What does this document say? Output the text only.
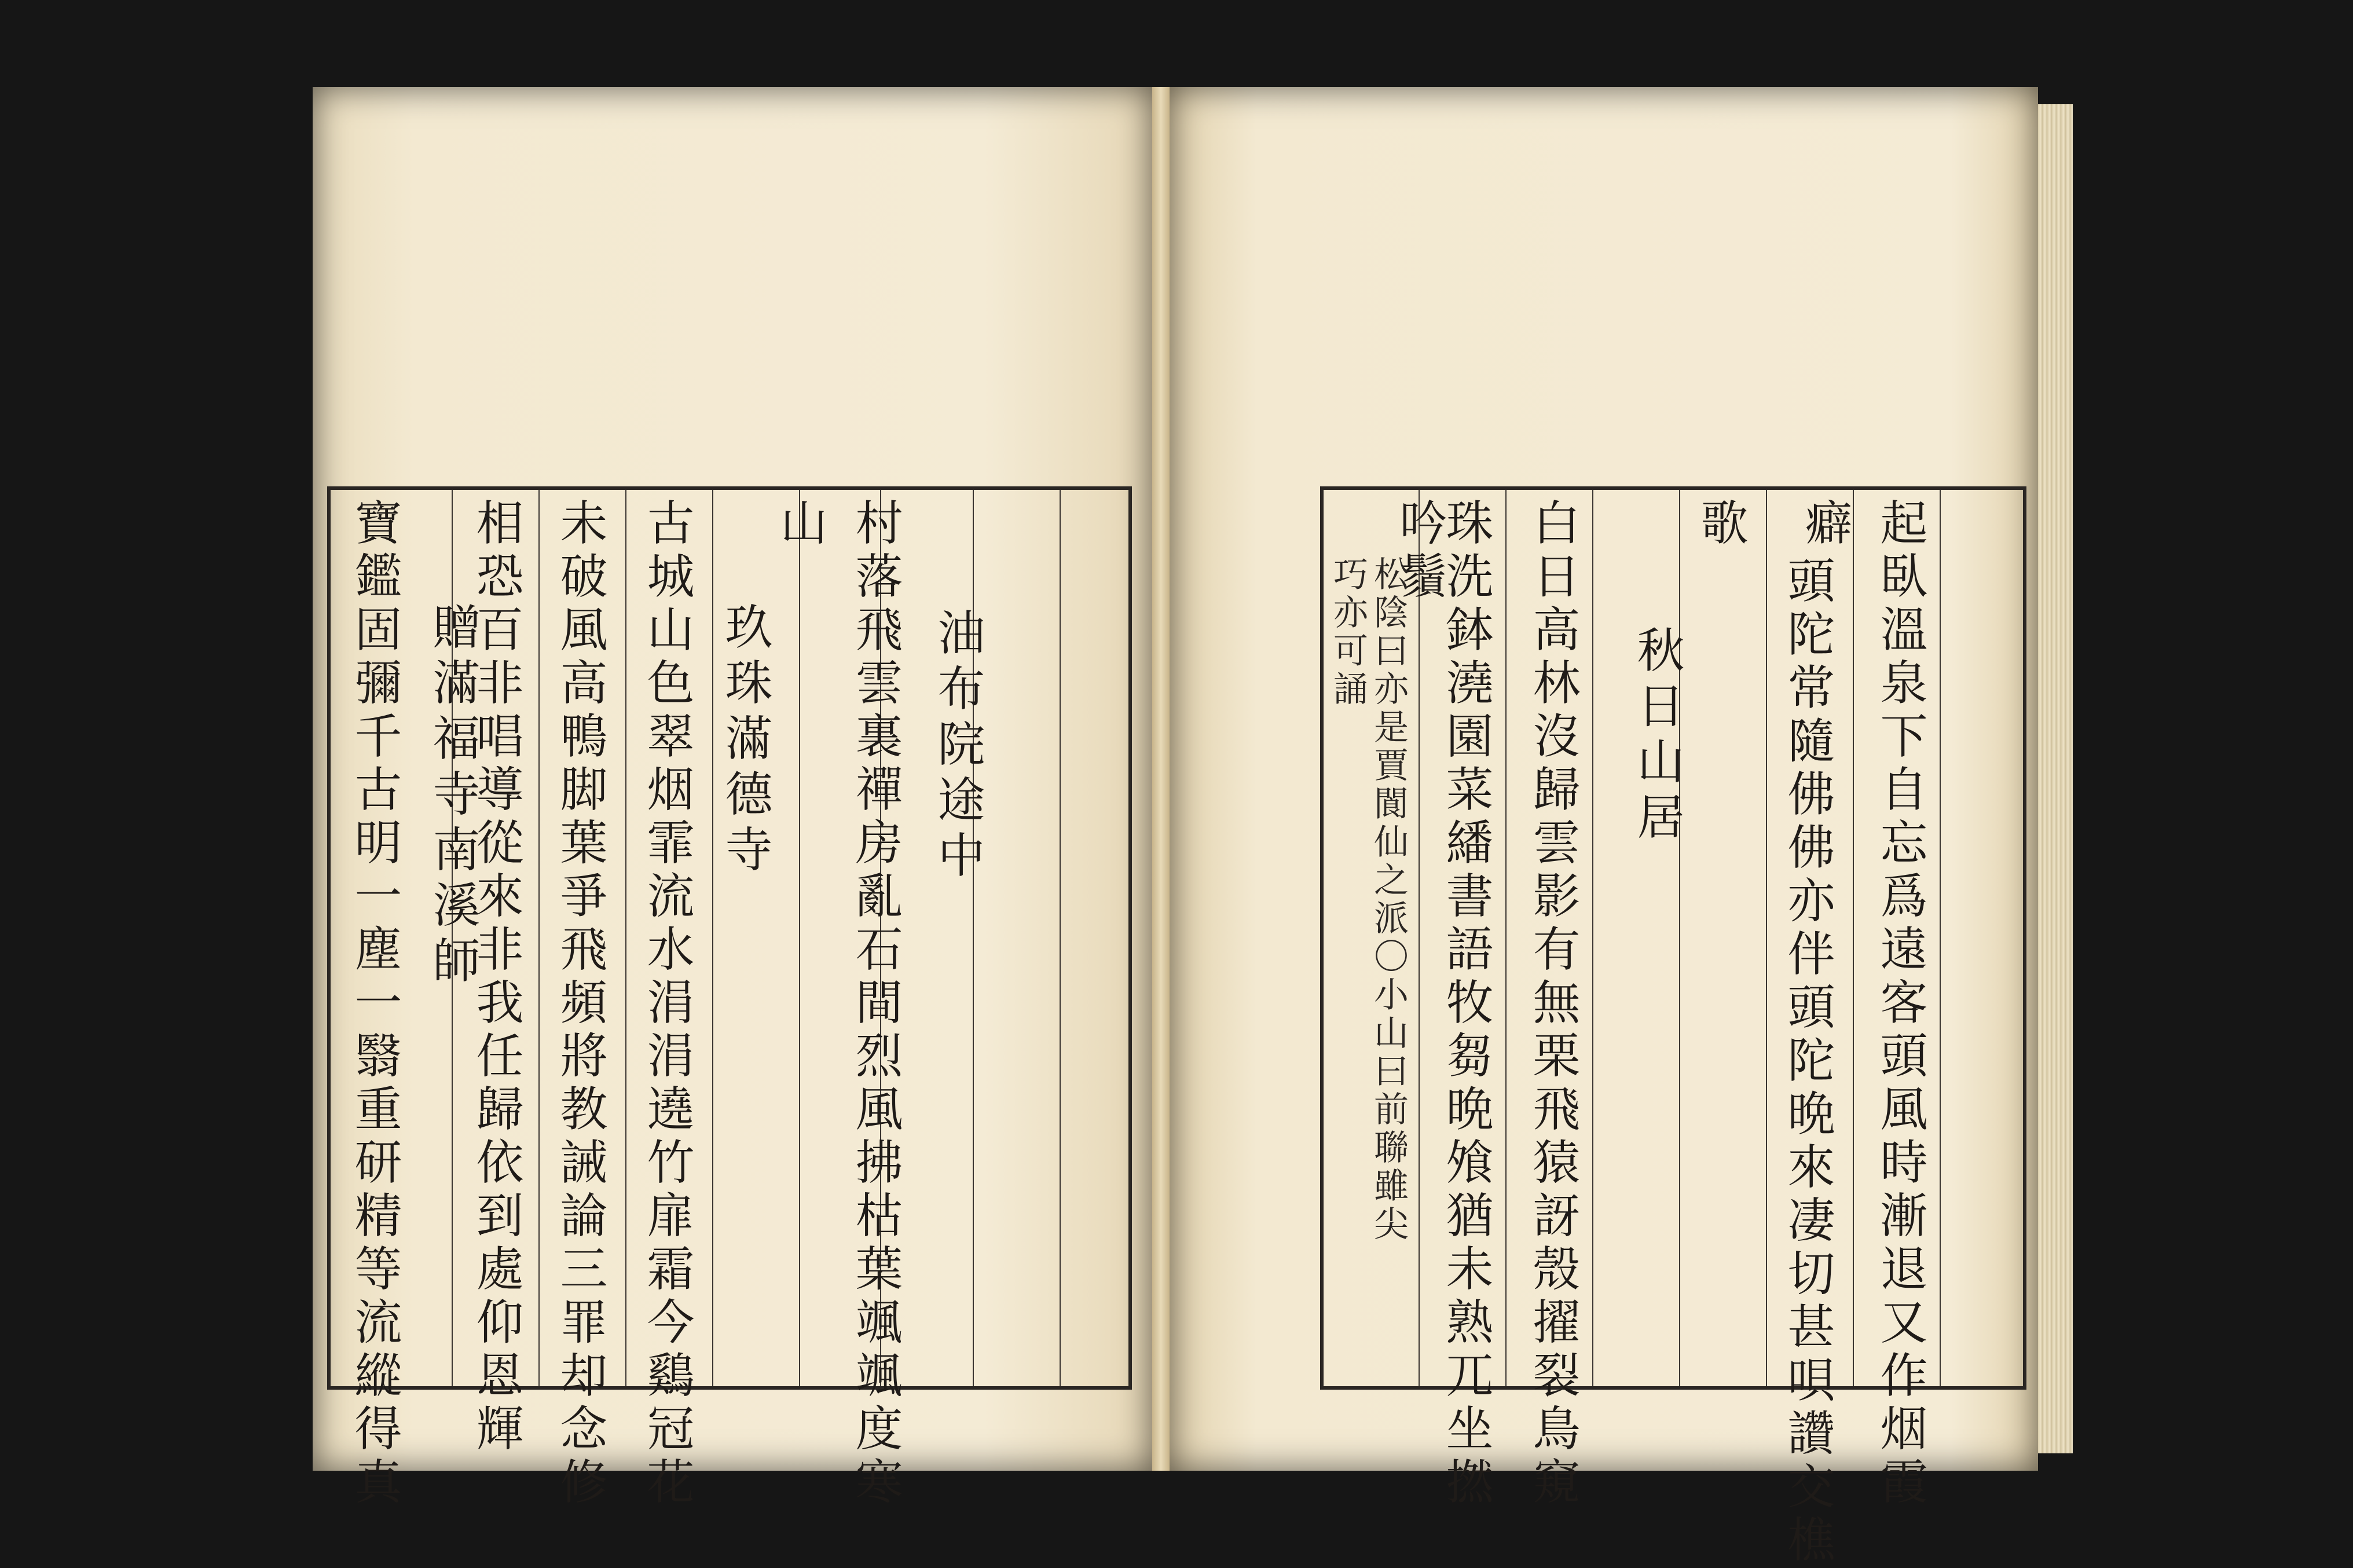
油布院途中
村落飛雲裏禪房亂石間烈風拂枯葉颯颯度寒
山
玖珠滿德寺
古城山色翠烟霏流水涓涓遶竹扉霜今鷄冠花
未破風高鴨脚葉爭飛頻將教誡論三罪却念修
相恐百非唱導從來非我任歸依到處仰恩輝
贈滿福寺南溪師
寶鑑固彌千古明一塵一翳重研精等流縱得真	起臥溫泉下自忘爲遠客頭風時漸退又作烟霞
癖
頭陀常隨佛佛亦伴頭陀晩來凄切甚唄讚交樵
歌
秋日山居
白日高林沒歸雲影有無栗飛猿訝殼擢裂鳥窺
珠洗鉢澆園菜繙書語牧芻晩飧猶未熟兀坐撚
吟鬚
松陰曰亦是賈閬仙之派〇小山曰前聯雖尖
巧亦可誦
